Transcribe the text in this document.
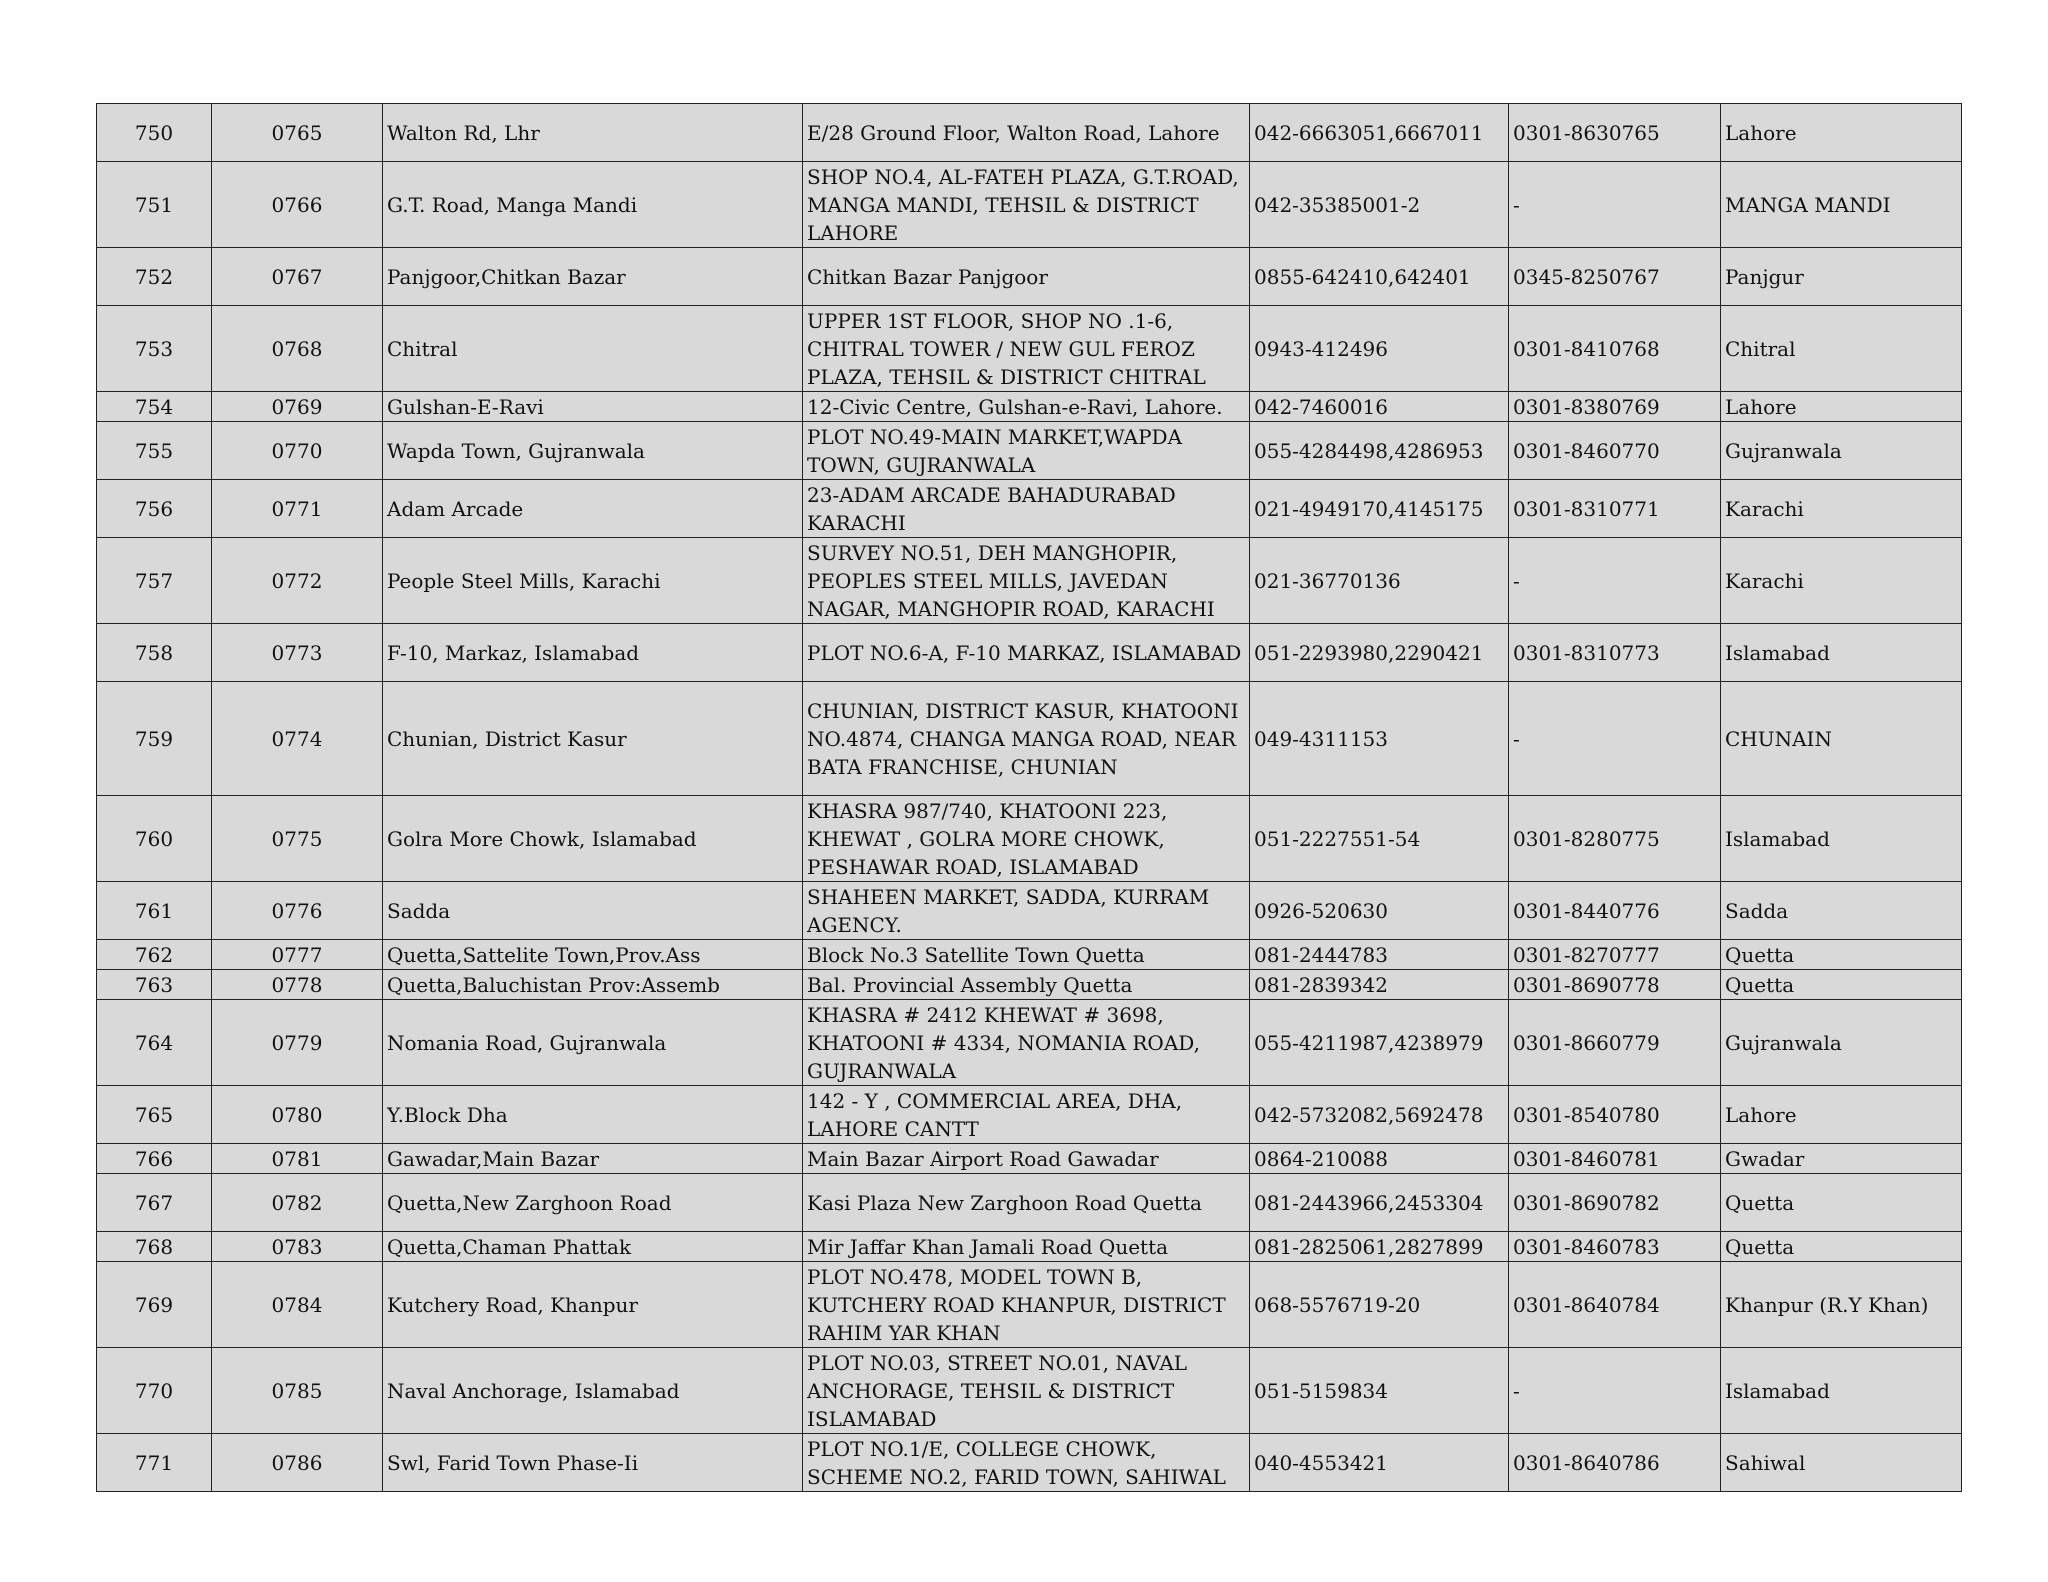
750	0765	Walton Rd, Lhr	E/28 Ground Floor, Walton Road, Lahore	042-6663051,6667011	0301-8630765	Lahore
751	0766	G.T. Road, Manga Mandi	SHOP NO.4, AL-FATEH PLAZA, G.T.ROAD, MANGA MANDI, TEHSIL & DISTRICT LAHORE	042-35385001-2	-	MANGA MANDI
752	0767	Panjgoor,Chitkan Bazar	Chitkan Bazar Panjgoor	0855-642410,642401	0345-8250767	Panjgur
753	0768	Chitral	UPPER 1ST FLOOR, SHOP NO .1-6, CHITRAL TOWER / NEW GUL FEROZ PLAZA, TEHSIL & DISTRICT CHITRAL	0943-412496	0301-8410768	Chitral
754	0769	Gulshan-E-Ravi	12-Civic Centre, Gulshan-e-Ravi, Lahore.	042-7460016	0301-8380769	Lahore
755	0770	Wapda Town, Gujranwala	PLOT NO.49-MAIN MARKET,WAPDA TOWN, GUJRANWALA	055-4284498,4286953	0301-8460770	Gujranwala
756	0771	Adam Arcade	23-ADAM ARCADE BAHADURABAD KARACHI	021-4949170,4145175	0301-8310771	Karachi
757	0772	People Steel Mills, Karachi	SURVEY NO.51, DEH MANGHOPIR, PEOPLES STEEL MILLS, JAVEDAN NAGAR, MANGHOPIR ROAD, KARACHI	021-36770136	-	Karachi
758	0773	F-10, Markaz, Islamabad	PLOT NO.6-A, F-10 MARKAZ, ISLAMABAD	051-2293980,2290421	0301-8310773	Islamabad
759	0774	Chunian, District Kasur	CHUNIAN, DISTRICT KASUR, KHATOONI NO.4874, CHANGA MANGA ROAD, NEAR BATA FRANCHISE, CHUNIAN	049-4311153	-	CHUNAIN
760	0775	Golra More Chowk, Islamabad	KHASRA 987/740, KHATOONI 223, KHEWAT , GOLRA MORE CHOWK, PESHAWAR ROAD, ISLAMABAD	051-2227551-54	0301-8280775	Islamabad
761	0776	Sadda	SHAHEEN MARKET, SADDA, KURRAM AGENCY.	0926-520630	0301-8440776	Sadda
762	0777	Quetta,Sattelite Town,Prov.Ass	Block No.3 Satellite Town Quetta	081-2444783	0301-8270777	Quetta
763	0778	Quetta,Baluchistan Prov:Assemb	Bal. Provincial Assembly Quetta	081-2839342	0301-8690778	Quetta
764	0779	Nomania Road, Gujranwala	KHASRA # 2412 KHEWAT # 3698, KHATOONI # 4334, NOMANIA ROAD, GUJRANWALA	055-4211987,4238979	0301-8660779	Gujranwala
765	0780	Y.Block Dha	142 - Y , COMMERCIAL AREA, DHA, LAHORE CANTT	042-5732082,5692478	0301-8540780	Lahore
766	0781	Gawadar,Main Bazar	Main Bazar Airport Road Gawadar	0864-210088	0301-8460781	Gwadar
767	0782	Quetta,New Zarghoon Road	Kasi Plaza New Zarghoon Road Quetta	081-2443966,2453304	0301-8690782	Quetta
768	0783	Quetta,Chaman Phattak	Mir Jaffar Khan Jamali Road Quetta	081-2825061,2827899	0301-8460783	Quetta
769	0784	Kutchery Road, Khanpur	PLOT NO.478, MODEL TOWN B, KUTCHERY ROAD KHANPUR, DISTRICT RAHIM YAR KHAN	068-5576719-20	0301-8640784	Khanpur (R.Y Khan)
770	0785	Naval Anchorage, Islamabad	PLOT NO.03, STREET NO.01, NAVAL ANCHORAGE, TEHSIL & DISTRICT ISLAMABAD	051-5159834	-	Islamabad
771	0786	Swl, Farid Town Phase-Ii	PLOT NO.1/E, COLLEGE CHOWK, SCHEME NO.2, FARID TOWN, SAHIWAL	040-4553421	0301-8640786	Sahiwal
